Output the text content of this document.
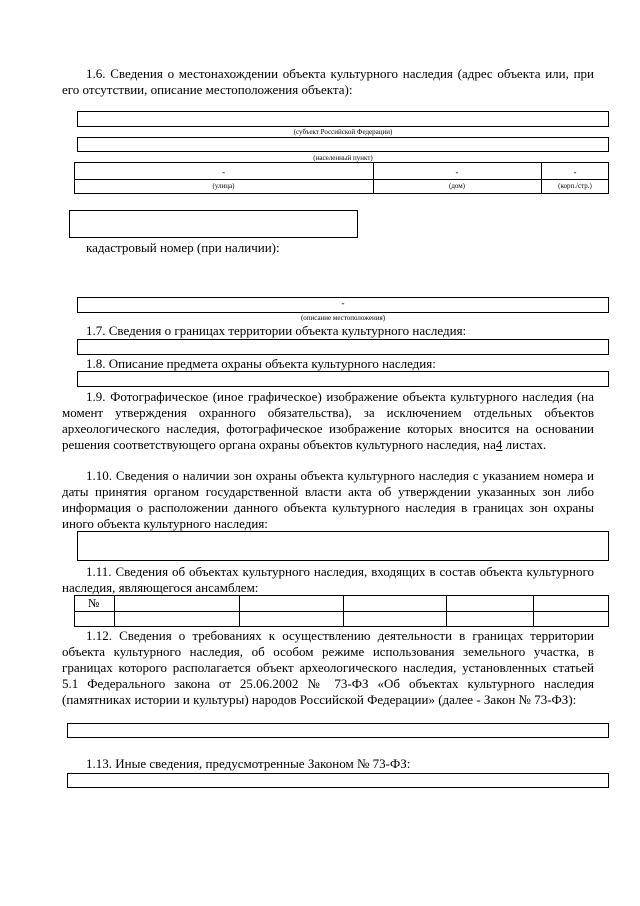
1.6. Сведения о местонахождении объекта культурного наследия (адрес объекта или, при его отсутствии, описание местоположения объекта):
(субъект Российской Федерации)
(населенный пункт)
-	-	-
(улица)	(дом)	(корп./стр.)
кадастровый номер (при наличии):
-
(описание местоположения)
1.7. Сведения о границах территории объекта культурного наследия:
1.8. Описание предмета охраны объекта культурного наследия:
1.9. Фотографическое (иное графическое) изображение объекта культурного наследия (на момент утверждения охранного обязательства), за исключением отдельных объектов археологического наследия, фотографическое изображение которых вносится на основании решения соответствующего органа охраны объектов культурного наследия, на4 листах.
1.10. Сведения о наличии зон охраны объекта культурного наследия с указанием номера и даты принятия органом государственной власти акта об утверждении указанных зон либо информация о расположении данного объекта культурного наследия в границах зон охраны иного объекта культурного наследия:
1.11. Сведения об объектах культурного наследия, входящих в состав объекта культурного наследия, являющегося ансамблем:
№
1.12. Сведения о требованиях к осуществлению деятельности в границах территории объекта культурного наследия, об особом режиме использования земельного участка, в границах которого располагается объект археологического наследия, установленных статьей 5.1 Федерального закона от 25.06.2002 № 73-ФЗ «Об объектах культурного наследия (памятниках истории и культуры) народов Российской Федерации» (далее - Закон № 73-ФЗ):
1.13. Иные сведения, предусмотренные Законом № 73-ФЗ:
